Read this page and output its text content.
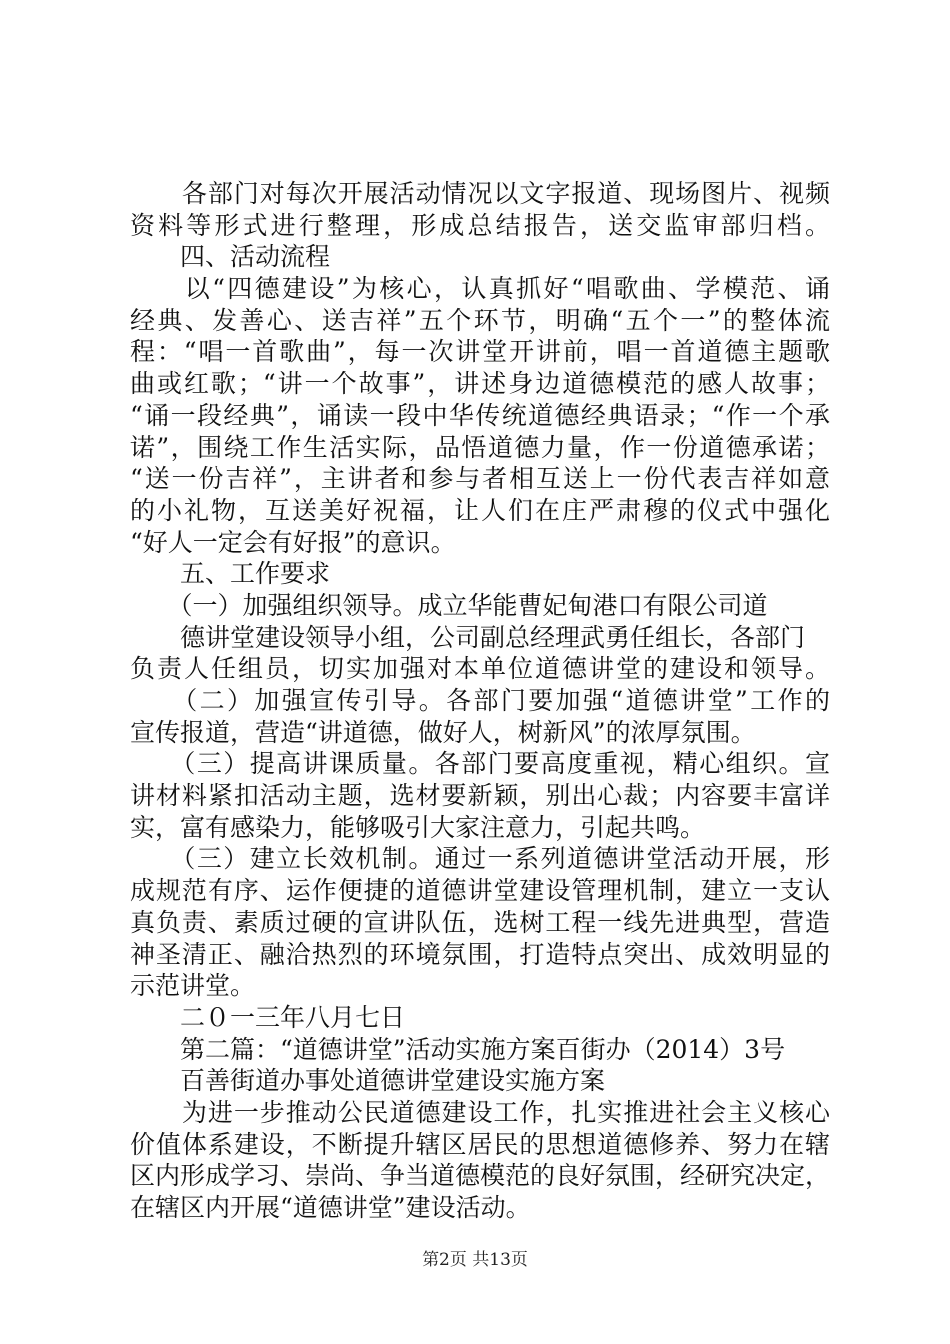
　　各部门对每次开展活动情况以文字报道、现场图片、视频
资料等形式进行整理，形成总结报告，送交监审部归档。
　　四、活动流程
　　以“四德建设”为核心，认真抓好“唱歌曲、学模范、诵
经典、发善心、送吉祥”五个环节，明确“五个一”的整体流
程：“唱一首歌曲”，每一次讲堂开讲前，唱一首道德主题歌
曲或红歌；“讲一个故事”，讲述身边道德模范的感人故事；
“诵一段经典”，诵读一段中华传统道德经典语录；“作一个承
诺”，围绕工作生活实际，品悟道德力量，作一份道德承诺；
“送一份吉祥”，主讲者和参与者相互送上一份代表吉祥如意
的小礼物，互送美好祝福，让人们在庄严肃穆的仪式中强化
“好人一定会有好报”的意识。
　　五、工作要求
　　（一）加强组织领导。成立华能曹妃甸港口有限公司道
　　德讲堂建设领导小组，公司副总经理武勇任组长，各部门
负责人任组员，切实加强对本单位道德讲堂的建设和领导。
　　（二）加强宣传引导。各部门要加强“道德讲堂”工作的
宣传报道，营造“讲道德，做好人，树新风”的浓厚氛围。
　　（三）提高讲课质量。各部门要高度重视，精心组织。宣
讲材料紧扣活动主题，选材要新颖，别出心裁；内容要丰富详
实，富有感染力，能够吸引大家注意力，引起共鸣。
　　（三）建立长效机制。通过一系列道德讲堂活动开展，形
成规范有序、运作便捷的道德讲堂建设管理机制，建立一支认
真负责、素质过硬的宣讲队伍，选树工程一线先进典型，营造
神圣清正、融洽热烈的环境氛围，打造特点突出、成效明显的
示范讲堂。
　　二０一三年八月七日
　　第二篇：“道德讲堂”活动实施方案百街办（2014）3号
　　百善街道办事处道德讲堂建设实施方案
　　为进一步推动公民道德建设工作，扎实推进社会主义核心
价值体系建设，不断提升辖区居民的思想道德修养、努力在辖
区内形成学习、崇尚、争当道德模范的良好氛围，经研究决定，
在辖区内开展“道德讲堂”建设活动。
第2页 共13页
